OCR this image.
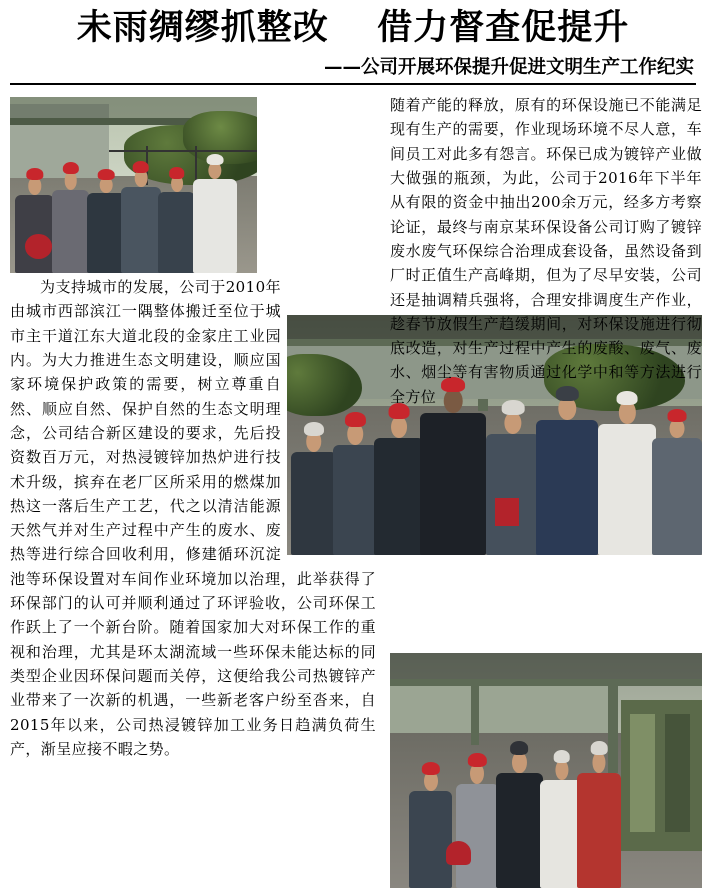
未雨绸缪抓整改 借力督查促提升
——公司开展环保提升促进文明生产工作纪实

为支持城市的发展，公司于2010年由城市西部滨江一隅整体搬迁至位于城市主干道江东大道北段的金家庄工业园内。为大力推进生态文明建设，顺应国家环境保护政策的需要，树立尊重自然、顺应自然、保护自然的生态文明理念，公司结合新区建设的要求，先后投资数百万元，对热浸镀锌加热炉进行技术升级，摈弃在老厂区所采用的燃煤加热这一落后生产工艺，代之以清洁能源天然气并对生产过程中产生的废水、废热等进行综合回收利用，修建循环沉淀池等环保设置对车间作业环境加以治理，此举获得了环保部门的认可并顺利通过了环评验收，公司环保工作跃上了一个新台阶。随着国家加大对环保工作的重视和治理，尤其是环太湖流域一些环保未能达标的同类型企业因环保问题而关停，这便给我公司热镀锌产业带来了一次新的机遇，一些新老客户纷至沓来，自2015年以来，公司热浸镀锌加工业务日趋满负荷生产，渐呈应接不暇之势。

随着产能的释放，原有的环保设施已不能满足现有生产的需要，作业现场环境不尽人意，车间员工对此多有怨言。环保已成为镀锌产业做大做强的瓶颈，为此，公司于2016年下半年从有限的资金中抽出200余万元，经多方考察论证，最终与南京某环保设备公司订购了镀锌废水废气环保综合治理成套设备，虽然设备到厂时正值生产高峰期，但为了尽早安装，公司还是抽调精兵强将，合理安排调度生产作业，趁春节放假生产趋缓期间，对环保设施进行彻底改造，对生产过程中产生的废酸、废气、废水、烟尘等有害物质通过化学中和等方法进行全方位
